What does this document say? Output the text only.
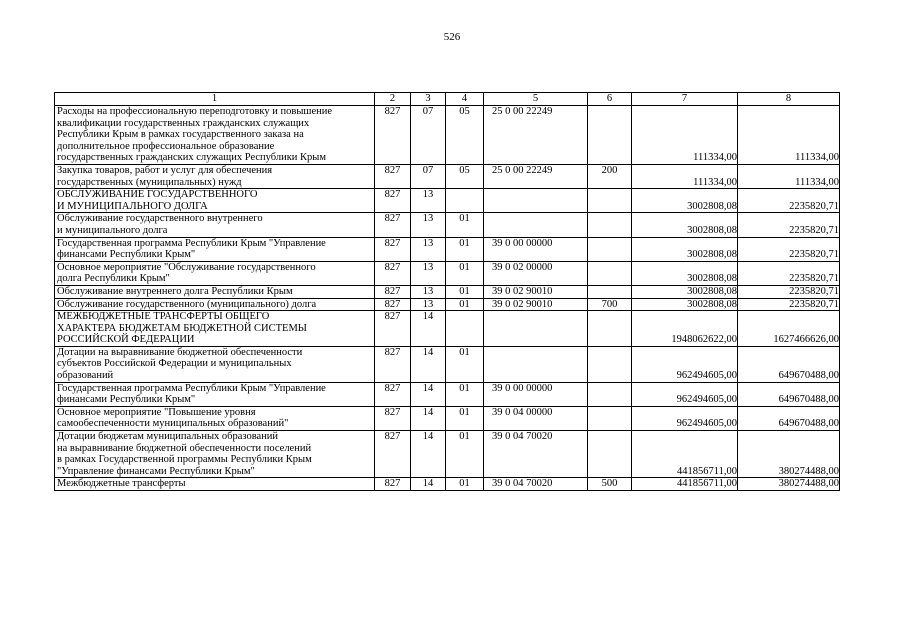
526
1	2	3	4	5	6	7	8
Расходы на профессиональную переподготовку и повышение
квалификации государственных гражданских служащих
Республики Крым в рамках государственного заказа на
дополнительное профессиональное образование
государственных гражданских служащих Республики Крым	827	07	05	25 0 00 22249		111334,00	111334,00
Закупка товаров, работ и услуг для обеспечения
государственных (муниципальных) нужд	827	07	05	25 0 00 22249	200	111334,00	111334,00
ОБСЛУЖИВАНИЕ ГОСУДАРСТВЕННОГО
И МУНИЦИПАЛЬНОГО ДОЛГА	827	13				3002808,08	2235820,71
Обслуживание государственного внутреннего
и муниципального долга	827	13	01			3002808,08	2235820,71
Государственная программа Республики Крым "Управление
финансами Республики Крым"	827	13	01	39 0 00 00000		3002808,08	2235820,71
Основное мероприятие "Обслуживание государственного
долга Республики Крым"	827	13	01	39 0 02 00000		3002808,08	2235820,71
Обслуживание внутреннего долга Республики Крым	827	13	01	39 0 02 90010		3002808,08	2235820,71
Обслуживание государственного (муниципального) долга	827	13	01	39 0 02 90010	700	3002808,08	2235820,71
МЕЖБЮДЖЕТНЫЕ ТРАНСФЕРТЫ ОБЩЕГО
ХАРАКТЕРА БЮДЖЕТАМ БЮДЖЕТНОЙ СИСТЕМЫ
РОССИЙСКОЙ ФЕДЕРАЦИИ	827	14				1948062622,00	1627466626,00
Дотации на выравнивание бюджетной обеспеченности
субъектов Российской Федерации и муниципальных
образований	827	14	01			962494605,00	649670488,00
Государственная программа Республики Крым "Управление
финансами Республики Крым"	827	14	01	39 0 00 00000		962494605,00	649670488,00
Основное мероприятие "Повышение уровня
самообеспеченности муниципальных образований"	827	14	01	39 0 04 00000		962494605,00	649670488,00
Дотации бюджетам муниципальных образований
на выравнивание бюджетной обеспеченности поселений
в рамках Государственной программы Республики Крым
"Управление финансами Республики Крым"	827	14	01	39 0 04 70020		441856711,00	380274488,00
Межбюджетные трансферты	827	14	01	39 0 04 70020	500	441856711,00	380274488,00
